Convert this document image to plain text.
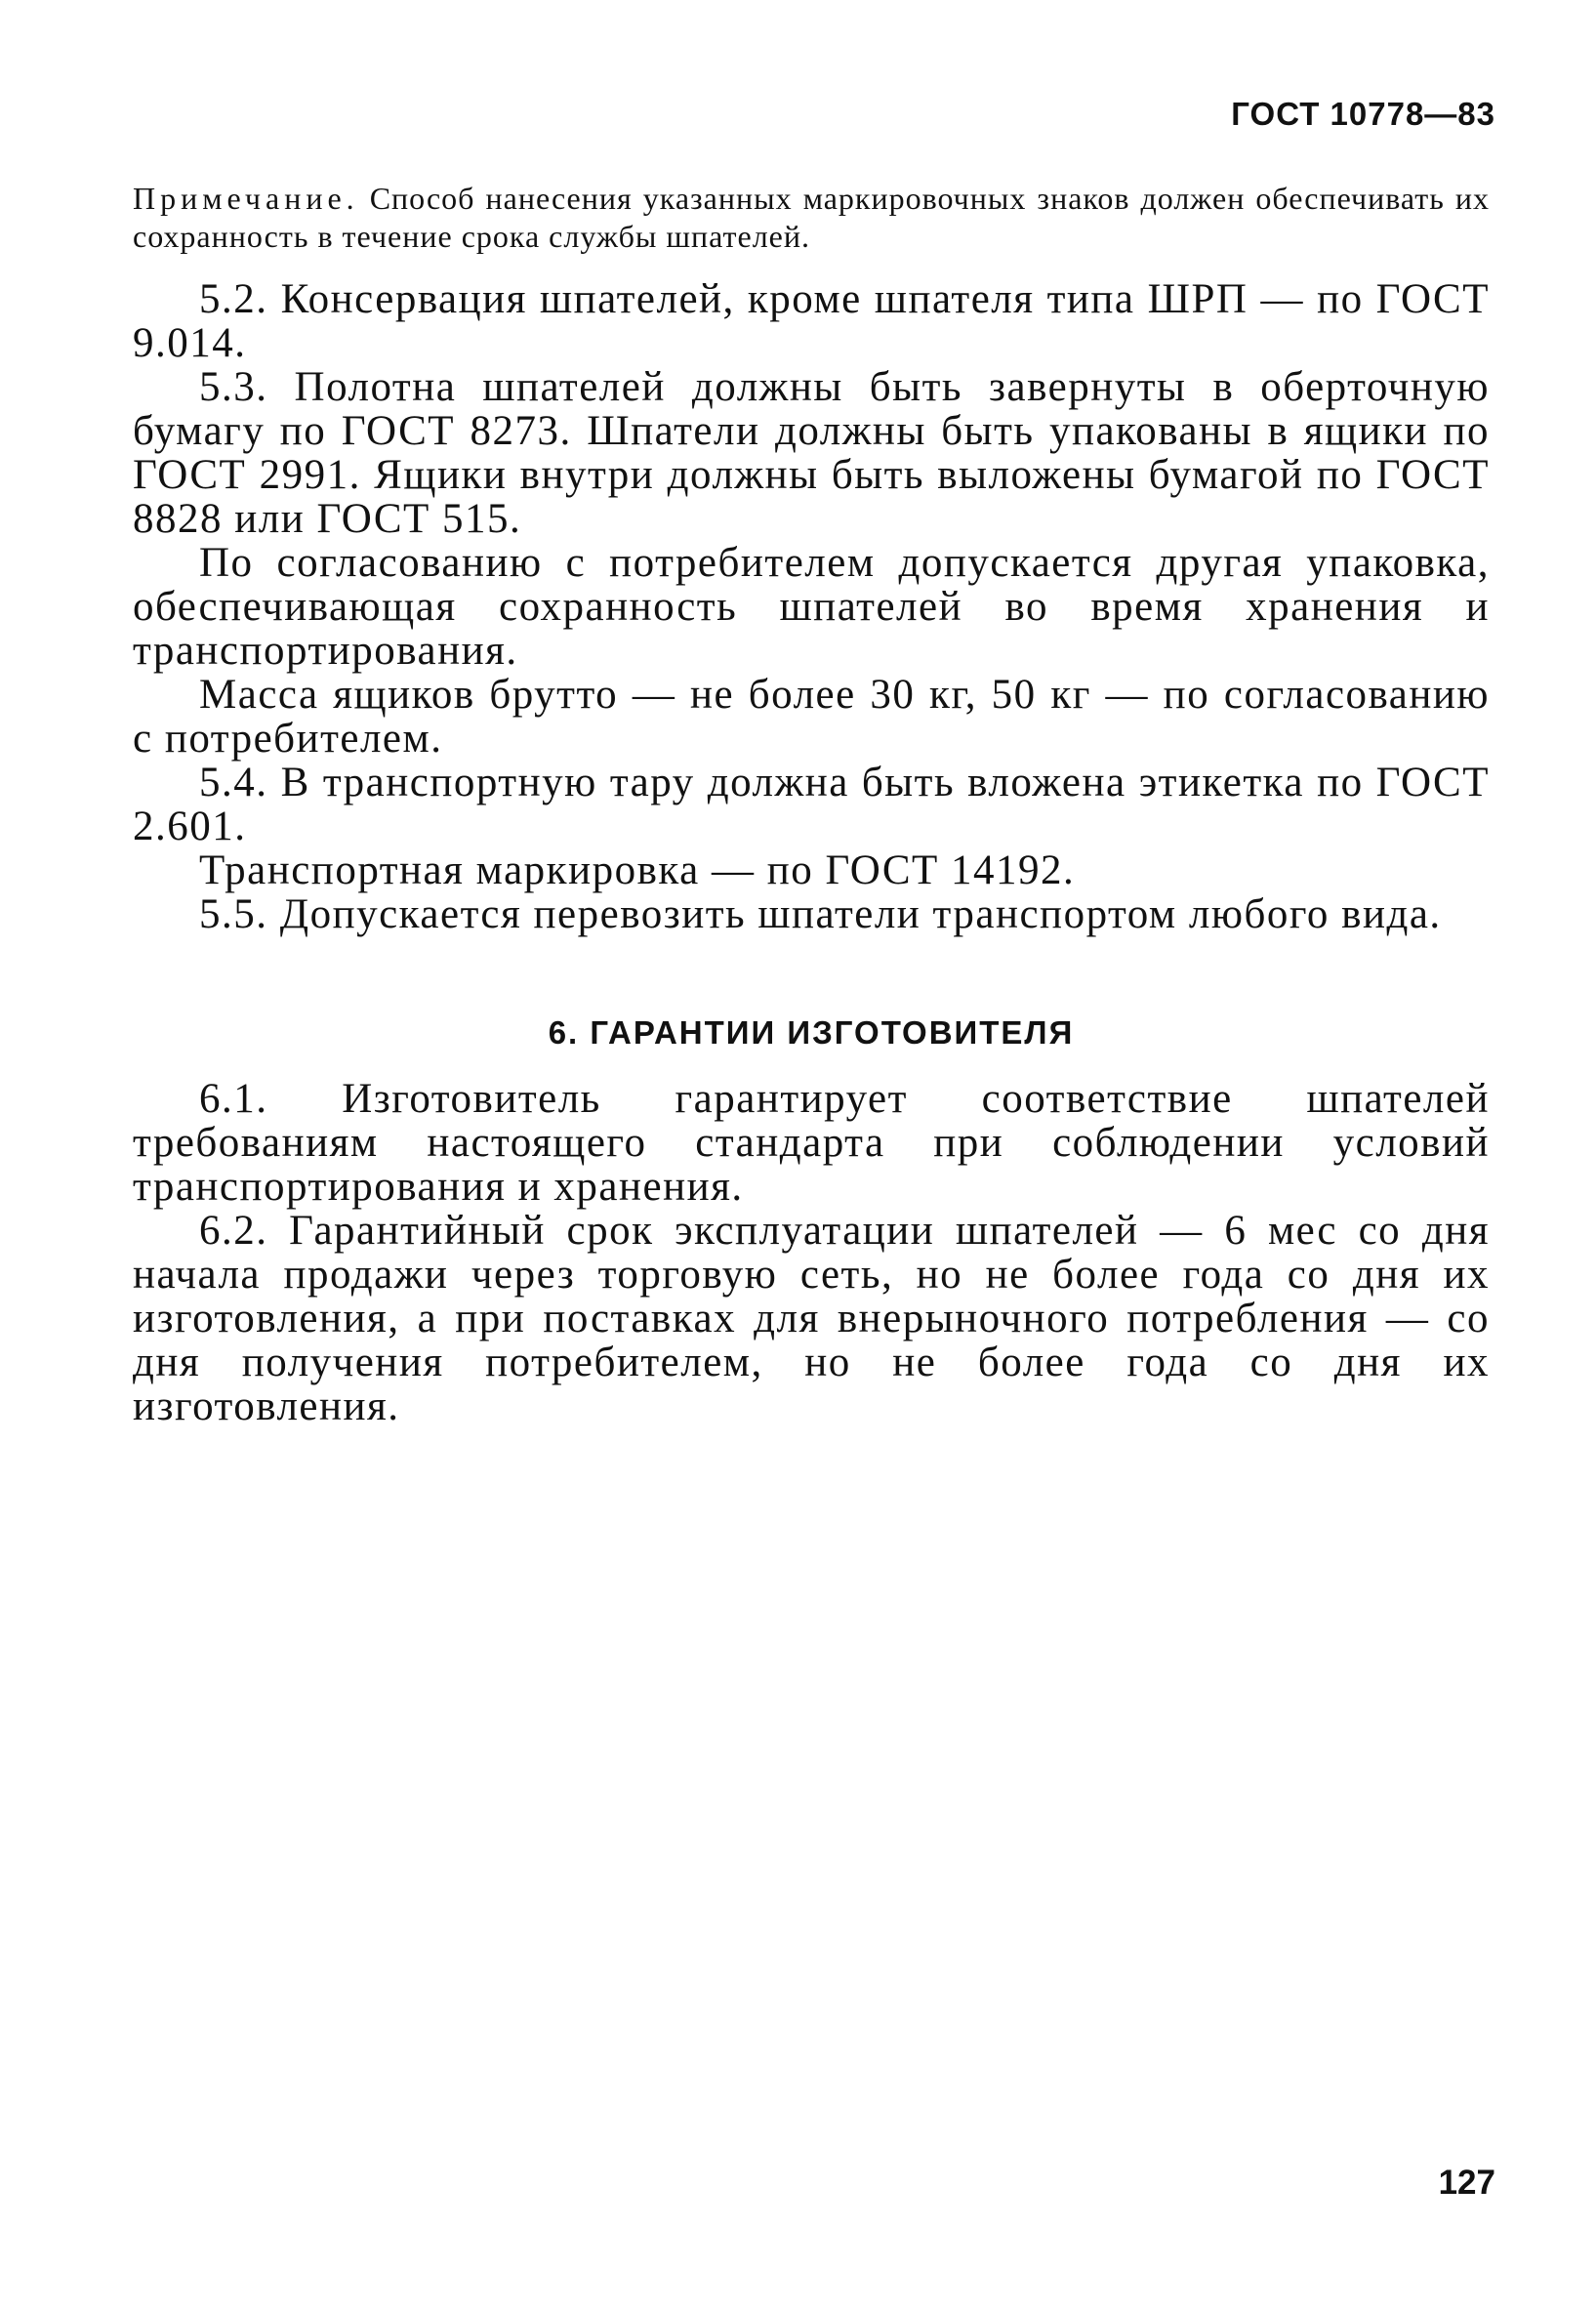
ГОСТ 10778—83

Примечание. Способ нанесения указанных маркировочных знаков должен обеспечивать их сохранность в течение срока службы шпателей.

5.2. Консервация шпателей, кроме шпателя типа ШРП — по ГОСТ 9.014.

5.3. Полотна шпателей должны быть завернуты в оберточную бумагу по ГОСТ 8273. Шпатели должны быть упакованы в ящики по ГОСТ 2991. Ящики внутри должны быть выложены бумагой по ГОСТ 8828 или ГОСТ 515.

По согласованию с потребителем допускается другая упаковка, обеспечивающая сохранность шпателей во время хранения и транспортирования.

Масса ящиков брутто — не более 30 кг, 50 кг — по согласованию с потребителем.

5.4. В транспортную тару должна быть вложена этикетка по ГОСТ 2.601.

Транспортная маркировка — по ГОСТ 14192.

5.5. Допускается перевозить шпатели транспортом любого вида.

6. ГАРАНТИИ ИЗГОТОВИТЕЛЯ

6.1. Изготовитель гарантирует соответствие шпателей требованиям настоящего стандарта при соблюдении условий транспортирования и хранения.

6.2. Гарантийный срок эксплуатации шпателей — 6 мес со дня начала продажи через торговую сеть, но не более года со дня их изготовления, а при поставках для внерыночного потребления — со дня получения потребителем, но не более года со дня их изготовления.

127
